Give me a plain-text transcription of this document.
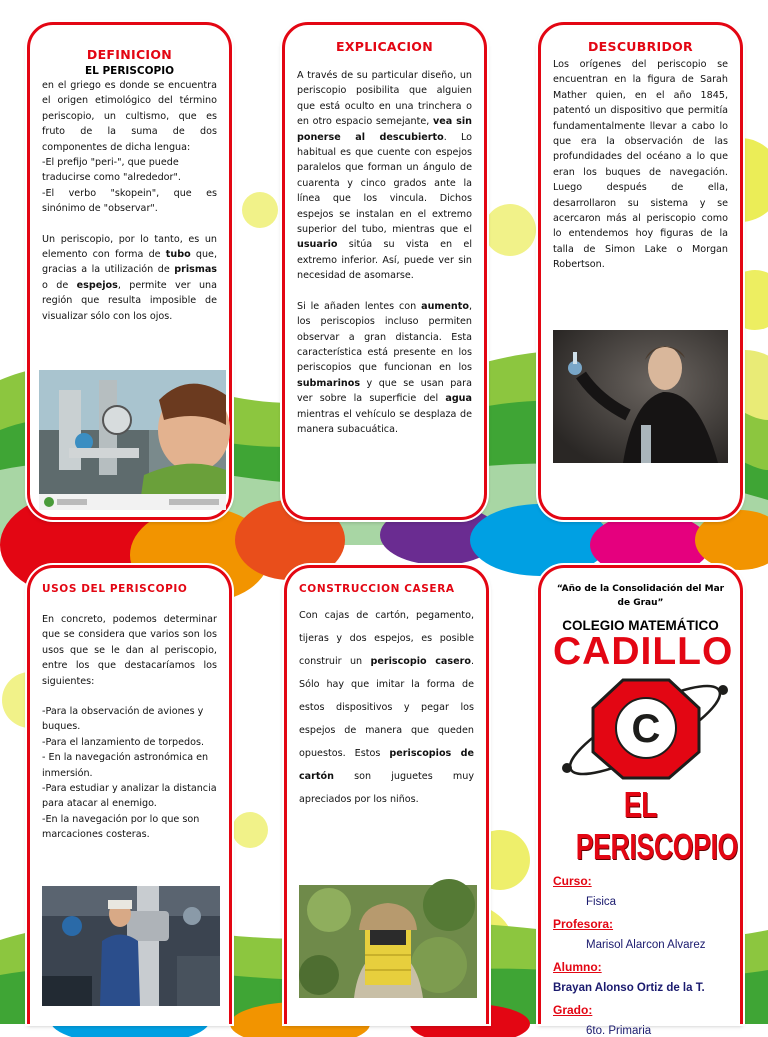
DEFINICION
EL PERISCOPIO

en el griego es donde se encuentra el origen etimológico del término periscopio, un cultismo, que es fruto de la suma de dos componentes de dicha lengua:

-El prefijo "peri-", que puede traducirse como "alrededor".

-El verbo "skopein", que es sinónimo de "observar".

Un periscopio, por lo tanto, es un elemento con forma de tubo que, gracias a la utilización de prismas o de espejos, permite ver una región que resulta imposible de visualizar sólo con los ojos.

EXPLICACION

A través de su particular diseño, un periscopio posibilita que alguien que está oculto en una trinchera o en otro espacio semejante, vea sin ponerse al descubierto. Lo habitual es que cuente con espejos paralelos que forman un ángulo de cuarenta y cinco grados ante la línea que los vincula. Dichos espejos se instalan en el extremo superior del tubo, mientras que el usuario sitúa su vista en el extremo inferior. Así, puede ver sin necesidad de asomarse.

Si le añaden lentes con aumento, los periscopios incluso permiten observar a gran distancia. Esta característica está presente en los periscopios que funcionan en los submarinos y que se usan para ver sobre la superficie del agua mientras el vehículo se desplaza de manera subacuática.

DESCUBRIDOR

Los orígenes del periscopio se encuentran en la figura de Sarah Mather quien, en el año 1845, patentó un dispositivo que permitía fundamentalmente llevar a cabo lo que era la observación de las profundidades del océano a lo que eran los buques de navegación. Luego después de ella, desarrollaron su sistema y se acercaron más al periscopio como lo entendemos hoy figuras de la talla de Simon Lake o Morgan Robertson.

USOS DEL PERISCOPIO

En concreto, podemos determinar que se considera que varios son los usos que se le dan al periscopio, entre los que destacaríamos los siguientes:

-Para la observación de aviones y buques.

-Para el lanzamiento de torpedos.

- En la navegación astronómica en inmersión.

-Para estudiar y analizar la distancia para atacar al enemigo.

-En la navegación por lo que son marcaciones costeras.

CONSTRUCCION CASERA

Con cajas de cartón, pegamento, tijeras y dos espejos, es posible construir un periscopio casero. Sólo hay que imitar la forma de estos dispositivos y pegar los espejos de manera que queden opuestos. Estos periscopios de cartón son juguetes muy apreciados por los niños.

“Año de la Consolidación del Mar de Grau”
COLEGIO MATEMÁTICO
CADILLO
C
EL PERISCOPIO
Curso:
Fisica
Profesora:
Marisol Alarcon Alvarez
Alumno:
Brayan Alonso Ortiz de la T.
Grado:
6to. Primaria
